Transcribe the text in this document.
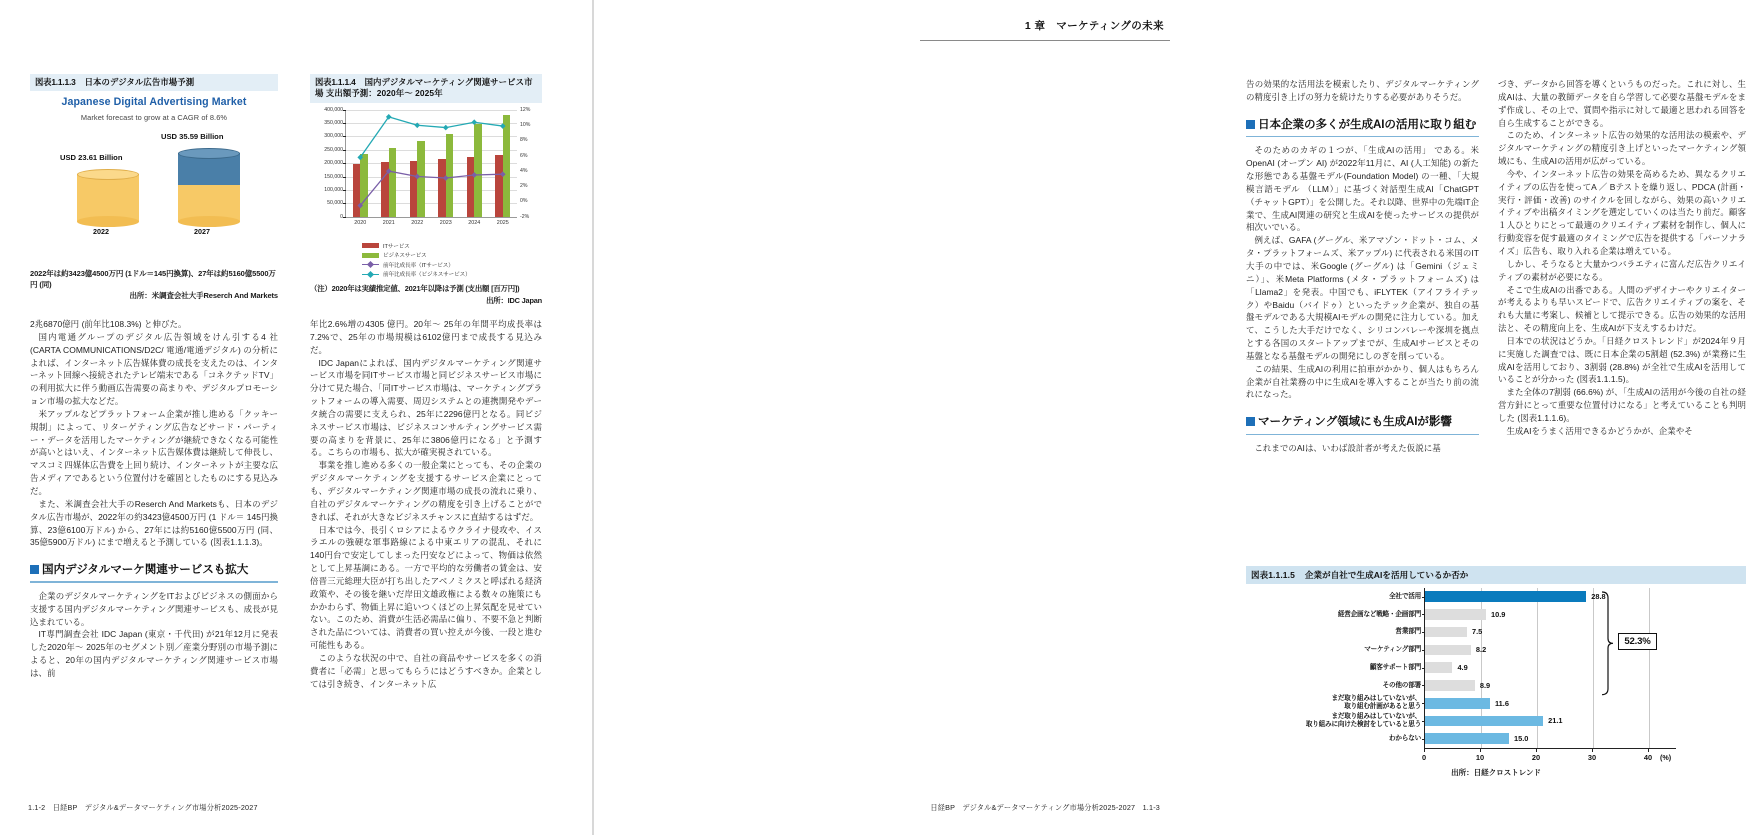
図表1.1.1.3 日本のデジタル広告市場予測
Japanese Digital Advertising Market
Market forecast to grow at a CAGR of 8.6%
USD 23.61 Billion
2022
USD 35.59 Billion
2027
2022年は約3423億4500万円 (1ドル＝145円換算)、27年は約5160億5500万円 (同)
出所：米調査会社大手Reserch And Markets
図表1.1.1.4 国内デジタルマーケティング関連サービス市場 支出額予測：2020年〜 2025年
400,000
350,000
300,000
250,000
200,000
150,000
100,000
50,000
0
12%
10%
8%
6%
4%
2%
0%
-2%
2020	2021	2022	2023	2024	2025
ITサービス
ビジネスサービス
前年比成長率（ITサービス）
前年比成長率（ビジネスサービス）
（注）2020年は実績推定値、2021年以降は予測 (支出額 [百万円])
出所：IDC Japan

2兆6870億円 (前年比108.3%) と伸びた。

国内電通グループのデジタル広告領域をけん引する4 社 (CARTA COMMUNICATIONS/D2C/ 電通/電通デジタル) の分析によれば、インターネット広告媒体費の成長を支えたのは、インターネット回線へ接続されたテレビ端末である「コネクテッドTV」の利用拡大に伴う動画広告需要の高まりや、デジタルプロモーション市場の拡大などだ。

米アップルなどプラットフォーム企業が推し進める「クッキー規制」によって、リターゲティング広告などサード・パーティー・データを活用したマーケティングが継続できなくなる可能性が高いとはいえ、インターネット広告媒体費は継続して伸長し、マスコミ四媒体広告費を上回り続け、インターネットが主要な広告メディアであるという位置付けを確固としたものにする見込みだ。

また、米調査会社大手のReserch And Marketsも、日本のデジタル広告市場が、2022年の約3423億4500万円 (1 ドル＝ 145円換算、23億6100万ドル) から、27年には約5160億5500万円 (同、35億5900万ドル) にまで増えると予測している (図表1.1.1.3)。

国内デジタルマーケ関連サービスも拡大

企業のデジタルマーケティングをITおよびビジネスの側面から支援する国内デジタルマーケティング関連サービスも、成長が見込まれている。

IT専門調査会社 IDC Japan (東京・千代田) が21年12月に発表した2020年〜 2025年のセグメント別／産業分野別の市場予測によると、20年の国内デジタルマーケティング関連サービス市場は、前

年比2.6%増の4305 億円。20年〜 25年の年間平均成長率は7.2%で、25年の市場規模は6102億円まで成長する見込みだ。

IDC Japanによれば、国内デジタルマーケティング関連サービス市場を同ITサービス市場と同ビジネスサービス市場に分けて見た場合、「同ITサービス市場は、マーケティングプラットフォームの導入需要、周辺システムとの連携開発やデータ統合の需要に支えられ、25年に2296億円となる。同ビジネスサービス市場は、ビジネスコンサルティングサービス需要の高まりを背景に、25年に3806億円になる」と予測する。こちらの市場も、拡大が確実視されている。

事業を推し進める多くの一般企業にとっても、その企業のデジタルマーケティングを支援するサービス企業にとっても、デジタルマーケティング関連市場の成長の流れに乗り、自社のデジタルマーケティングの精度を引き上げることができれば、それが大きなビジネスチャンスに直結するはずだ。

日本では今、長引くロシアによるウクライナ侵攻や、イスラエルの強硬な軍事路線による中東エリアの混乱、それに140円台で安定してしまった円安などによって、物価は依然として上昇基調にある。一方で平均的な労働者の賃金は、安倍晋三元総理大臣が打ち出したアベノミクスと呼ばれる経済政策や、その後を継いだ岸田文雄政権による数々の施策にもかかわらず、物価上昇に追いつくほどの上昇気配を見せていない。このため、消費が生活必需品に偏り、不要不急と判断された品については、消費者の買い控えが今後、一段と進む可能性もある。

このような状況の中で、自社の商品やサービスを多くの消費者に「必需」と思ってもらうにはどうすべきか。企業としては引き続き、インターネット広

1.1-2　日経BP　デジタル&データマーケティング市場分析2025-2027
1 章　マーケティングの未来

告の効果的な活用法を模索したり、デジタルマーケティングの精度引き上げの努力を続けたりする必要がありそうだ。

日本企業の多くが生成AIの活用に取り組む

そのためのカギの１つが、「生成AIの活用」 である。米OpenAI (オープン AI) が2022年11月に、AI (人工知能) の新たな形態である基盤モデル(Foundation Model) の一種、「大規模言語モデル （LLM）」に基づく対話型生成AI「ChatGPT（チャットGPT）」を公開した。それ以降、世界中の先端IT企業で、生成AI関連の研究と生成AIを使ったサービスの提供が相次いでいる。

例えば、GAFA (グーグル、米アマゾン・ドット・コム、メタ・プラットフォームズ、米アップル) に代表される米国のIT大手の中では、米Google (グーグル) は「Gemini（ジェミニ）」、米Meta Platforms (メタ・プラットフォームズ) は 「Llama2」を発表。中国でも、iFLYTEK（アイフライテック）やBaidu（バイドゥ）といったテック企業が、独自の基盤モデルである大規模AIモデルの開発に注力している。加えて、こうした大手だけでなく、シリコンバレーや深圳を拠点とする各国のスタートアップまでが、生成AIサービスとその基盤となる基盤モデルの開発にしのぎを削っている。

この結果、生成AIの利用に拍車がかかり、個人はもちろん企業が自社業務の中に生成AIを導入することが当たり前の流れになった。

マーケティング領域にも生成AIが影響

これまでのAIは、いわば設計者が考えた仮説に基

づき、データから回答を導くというものだった。これに対し、生成AIは、大量の教師データを自ら学習して必要な基盤モデルをまず作成し、その上で、質問や指示に対して最適と思われる回答を自ら生成することができる。

このため、インターネット広告の効果的な活用法の模索や、デジタルマーケティングの精度引き上げといったマーケティング領域にも、生成AIの活用が広がっている。

今や、インターネット広告の効果を高めるため、異なるクリエイティブの広告を使ってA ／ Bテストを繰り返し、PDCA (計画・実行・評価・改善) のサイクルを回しながら、効果の高いクリエイティブや出稿タイミングを選定していくのは当たり前だ。顧客１人ひとりにとって最適のクリエイティブ素材を制作し、個人に行動変容を促す最適のタイミングで広告を提供する「パーソナライズ」広告も、取り入れる企業は増えている。

しかし、そうなると大量かつバラエティに富んだ広告クリエイティブの素材が必要になる。

そこで生成AIの出番である。人間のデザイナーやクリエイターが考えるよりも早いスピードで、広告クリエイティブの案を、それも大量に考案し、候補として提示できる。広告の効果的な活用法と、その精度向上を、生成AIが下支えするわけだ。

日本での状況はどうか。「日経クロストレンド」が2024年９月に実施した調査では、既に日本企業の5割超 (52.3%) が業務に生成AIを活用しており、3割弱 (28.8%) が全社で生成AIを活用していることが分かった (図表1.1.1.5)。

また全体の7割弱 (66.6%) が、「生成AIの活用が今後の自社の経営方針にとって重要な位置付けになる」と考えていることも判明した (図表1.1.1.6)。

生成AIをうまく活用できるかどうかが、企業やそ

図表1.1.1.5 企業が自社で生成AIを活用しているか否か
全社で活用
経営企画など戦略・企画部門
営業部門
マーケティング部門
顧客サポート部門
その他の部署
まだ取り組みはしていないが、
取り組む計画があると思う
まだ取り組みはしていないが、
取り組みに向けた検討をしていると思う
わからない
28.8
10.9
7.5
8.2
4.9
8.9
11.6
21.1
15.0
0	10	20	30	40 (%)
52.3%
出所：日経クロストレンド
日経BP　デジタル&データマーケティング市場分析2025-2027　1.1-3
